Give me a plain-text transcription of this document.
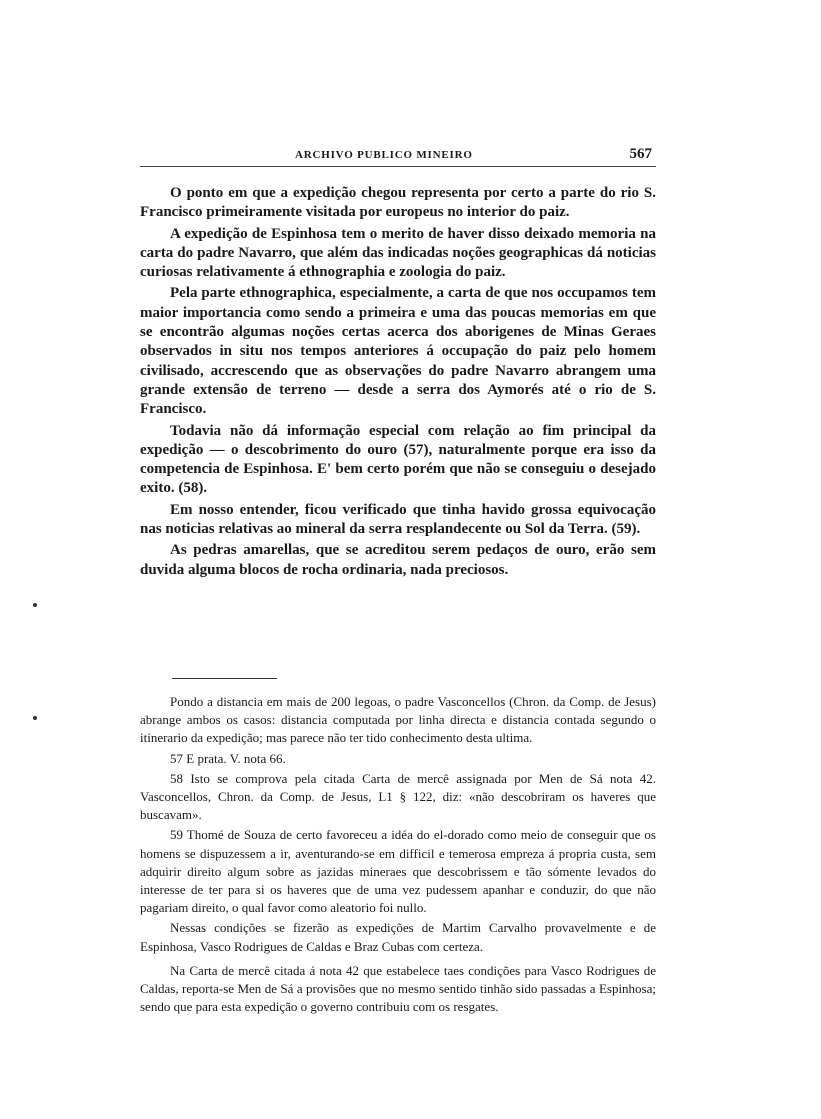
ARCHIVO PUBLICO MINEIRO	567

O ponto em que a expedição chegou representa por certo a parte do rio S. Francisco primeiramente visitada por europeus no interior do paiz.

A expedição de Espinhosa tem o merito de haver disso deixado memoria na carta do padre Navarro, que além das indicadas noções geographicas dá noticias curiosas relativamente á ethnographia e zoologia do paiz.

Pela parte ethnographica, especialmente, a carta de que nos occupamos tem maior importancia como sendo a primeira e uma das poucas memorias em que se encontrão algumas noções certas acerca dos aborigenes de Minas Geraes observados in situ nos tempos anteriores á occupação do paiz pelo homem civilisado, accrescendo que as observações do padre Navarro abrangem uma grande extensão de terreno — desde a serra dos Aymorés até o rio de S. Francisco.

Todavia não dá informação especial com relação ao fim principal da expedição — o descobrimento do ouro (57), naturalmente porque era isso da competencia de Espinhosa. E' bem certo porém que não se conseguiu o desejado exito. (58).

Em nosso entender, ficou verificado que tinha havido grossa equivocação nas noticias relativas ao mineral da serra resplandecente ou Sol da Terra. (59).

As pedras amarellas, que se acreditou serem pedaços de ouro, erão sem duvida alguma blocos de rocha ordinaria, nada preciosos.

Pondo a distancia em mais de 200 legoas, o padre Vasconcellos (Chron. da Comp. de Jesus) abrange ambos os casos: distancia computada por linha directa e distancia contada segundo o itinerario da expedição; mas parece não ter tido conhecimento desta ultima.

57 E prata. V. nota 66.

58 Isto se comprova pela citada Carta de mercê assignada por Men de Sá nota 42. Vasconcellos, Chron. da Comp. de Jesus, L1 § 122, diz: «não descobriram os haveres que buscavam».

59 Thomé de Souza de certo favoreceu a idéa do el-dorado como meio de conseguir que os homens se dispuzessem a ir, aventurando-se em difficil e temerosa empreza á propria custa, sem adquirir direito algum sobre as jazidas mineraes que descobrissem e tão sómente levados do interesse de ter para si os haveres que de uma vez pudessem apanhar e conduzir, do que não pagariam direito, o qual favor como aleatorio foi nullo.

Nessas condições se fizerão as expedições de Martim Carvalho provavelmente e de Espinhosa, Vasco Rodrigues de Caldas e Braz Cubas com certeza.

Na Carta de mercê citada á nota 42 que estabelece taes condições para Vasco Rodrigues de Caldas, reporta-se Men de Sá a provisões que no mesmo sentido tinhão sido passadas a Espinhosa; sendo que para esta expedição o governo contribuiu com os resgates.
